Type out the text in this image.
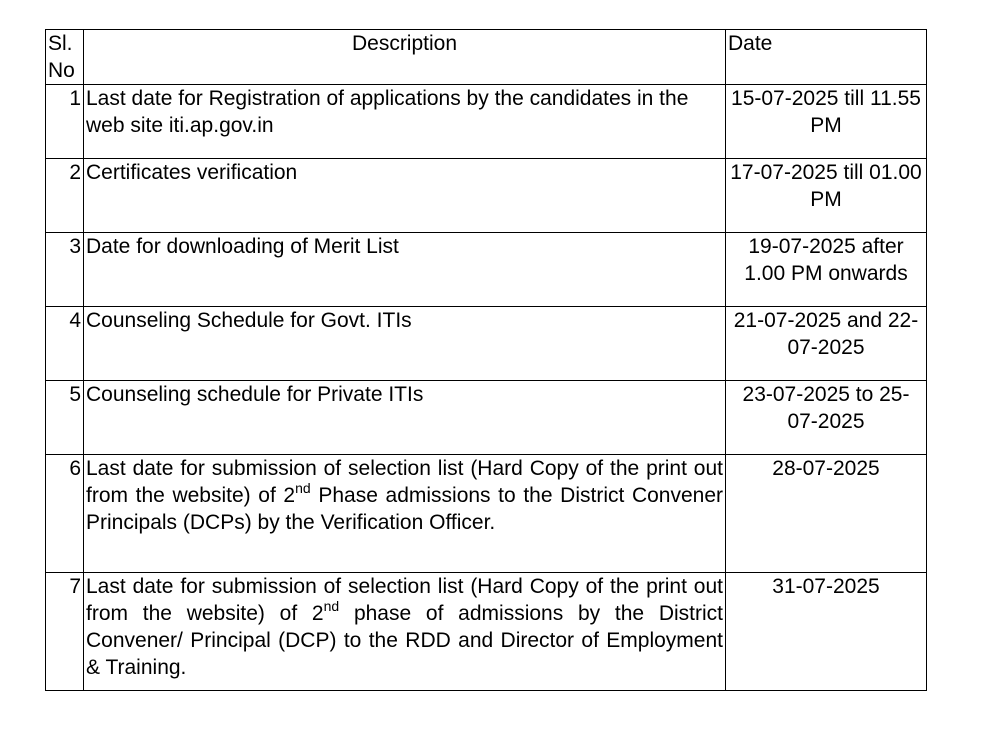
Sl. No	Description	Date
1	Last date for Registration of applications by the candidates in the web site iti.ap.gov.in	15-07-2025 till 11.55 PM
2	Certificates verification	17-07-2025 till 01.00 PM
3	Date for downloading of Merit List	19-07-2025 after 1.00 PM onwards
4	Counseling Schedule for Govt. ITIs	21-07-2025 and 22-07-2025
5	Counseling schedule for Private ITIs	23-07-2025 to 25-07-2025
6	Last date for submission of selection list (Hard Copy of the print out from the website) of 2nd Phase admissions to the District Convener Principals (DCPs) by the Verification Officer.	28-07-2025
7	Last date for submission of selection list (Hard Copy of the print out from the website) of 2nd phase of admissions by the District Convener/ Principal (DCP) to the RDD and Director of Employment & Training.	31-07-2025
